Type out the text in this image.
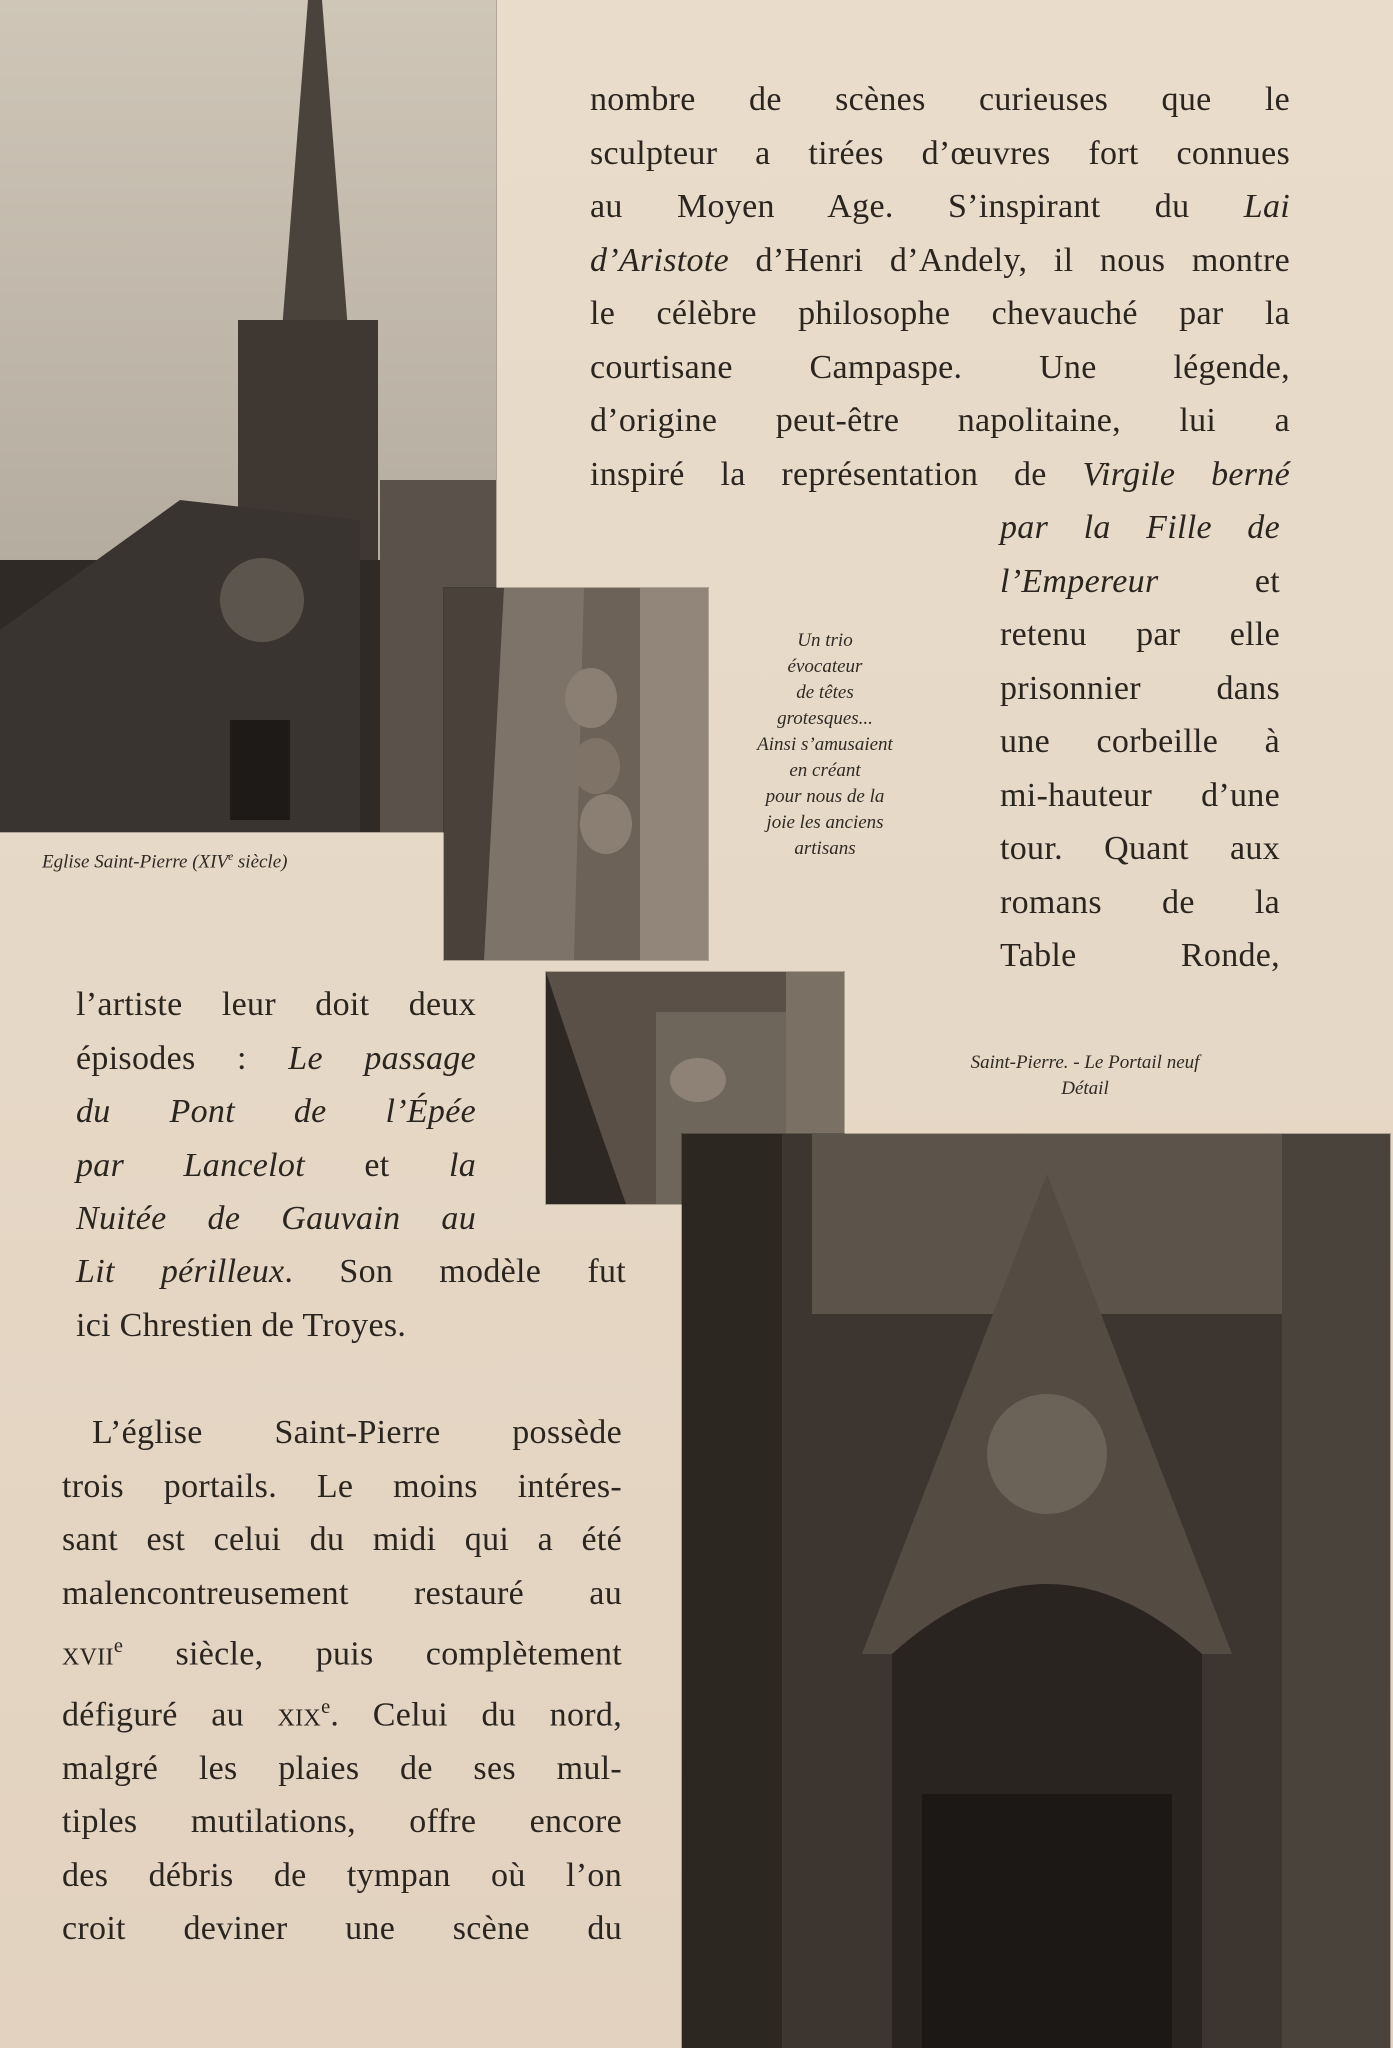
Eglise Saint-Pierre (XIVe siècle)
Un trio
évocateur
de têtes
grotesques...
Ainsi s’amusaient
en créant
pour nous de la
joie les anciens
artisans
Saint-Pierre. - Le Portail neuf
Détail
nombre de scènes curieuses que le
sculpteur a tirées d’œuvres fort connues
au Moyen Age. S’inspirant du Lai
d’Aristote d’Henri d’Andely, il nous montre
le célèbre philosophe chevauché par la
courtisane Campaspe. Une légende,
d’origine peut-être napolitaine, lui a
inspiré la représentation de Virgile berné
par la Fille de
l’Empereur	et
retenu par elle
prisonnier dans
une corbeille à
mi-hauteur d’une
tour. Quant aux
romans de la
Table Ronde,
l’artiste leur doit deux
épisodes : Le passage
du Pont de l’Épée
par Lancelot et la
Nuitée de Gauvain au
Lit périlleux. Son modèle fut
ici Chrestien de Troyes.
L’église Saint-Pierre possède
trois portails. Le moins intéres-
sant est celui du midi qui a été
malencontreusement restauré au
xvii$^e$ siècle, puis complètement
défiguré au xix$^e$. Celui du nord,
malgré les plaies de ses mul-
tiples mutilations, offre encore
des débris de tympan où l’on
croit deviner une scène du
